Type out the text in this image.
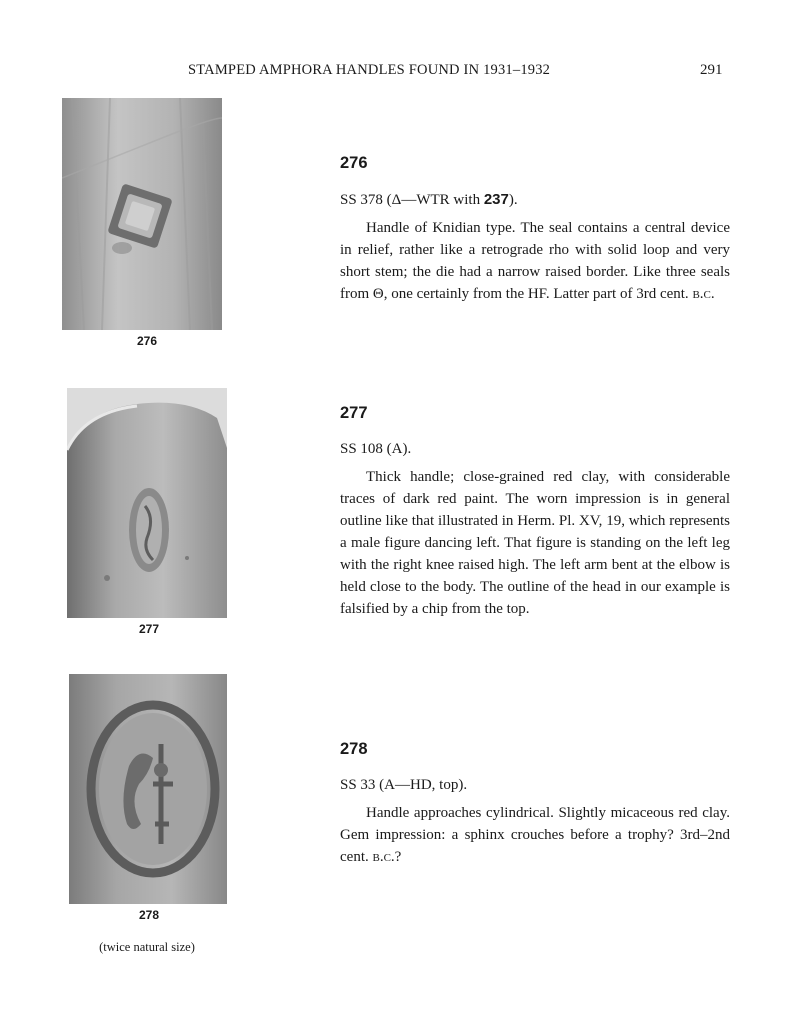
STAMPED AMPHORA HANDLES FOUND IN 1931–1932	291
276
277
278
(twice natural size)
276
SS 378 (Δ—WTR with 237).

Handle of Knidian type. The seal contains a central device in relief, rather like a retrograde rho with solid loop and very short stem; the die had a narrow raised border. Like three seals from Θ, one certainly from the HF. Latter part of 3rd cent. b.c.

277
SS 108 (Α).

Thick handle; close-grained red clay, with considerable traces of dark red paint. The worn impression is in general outline like that illustrated in Herm. Pl. XV, 19, which represents a male figure dancing left. That figure is standing on the left leg with the right knee raised high. The left arm bent at the elbow is held close to the body. The outline of the head in our example is falsified by a chip from the top.

278
SS 33 (Α—HD, top).

Handle approaches cylindrical. Slightly micaceous red clay. Gem impression: a sphinx crouches before a trophy? 3rd–2nd cent. b.c.?
